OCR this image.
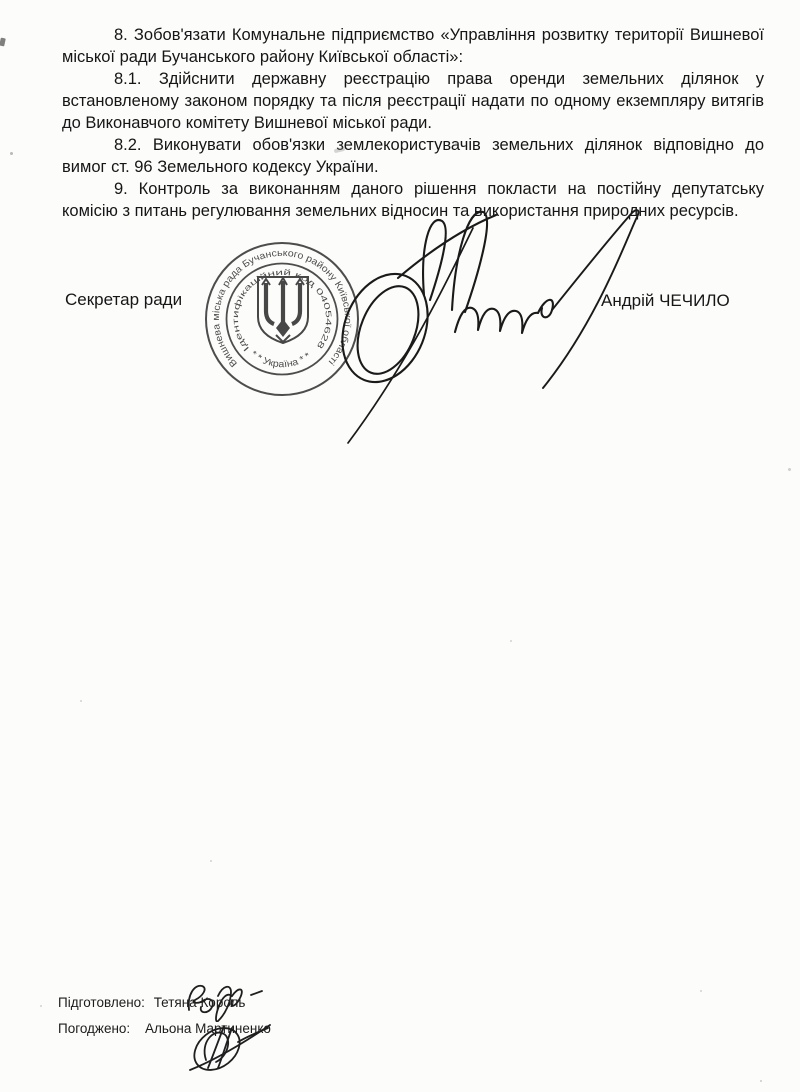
8. Зобов'язати Комунальне підприємство «Управління розвитку території Вишневої міської ради Бучанського району Київської області»:

8.1. Здійснити державну реєстрацію права оренди земельних ділянок у встановленому законом порядку та після реєстрації надати по одному екземпляру витягів до Виконавчого комітету Вишневої міської ради.

8.2. Виконувати обов'язки землекористувачів земельних ділянок відповідно до вимог ст. 96 Земельного кодексу України.

9. Контроль за виконанням даного рішення покласти на постійну депутатську комісію з питань регулювання земельних відносин та використання природних ресурсів.

Секретар ради	Андрій ЧЕЧИЛО
Вишнева міська рада Бучанського району Київської області
Ідентифікаційний код 04054628
* * Україна * *
Підготовлено: Тетяна Король
Погоджено: Альона Мартиненко
